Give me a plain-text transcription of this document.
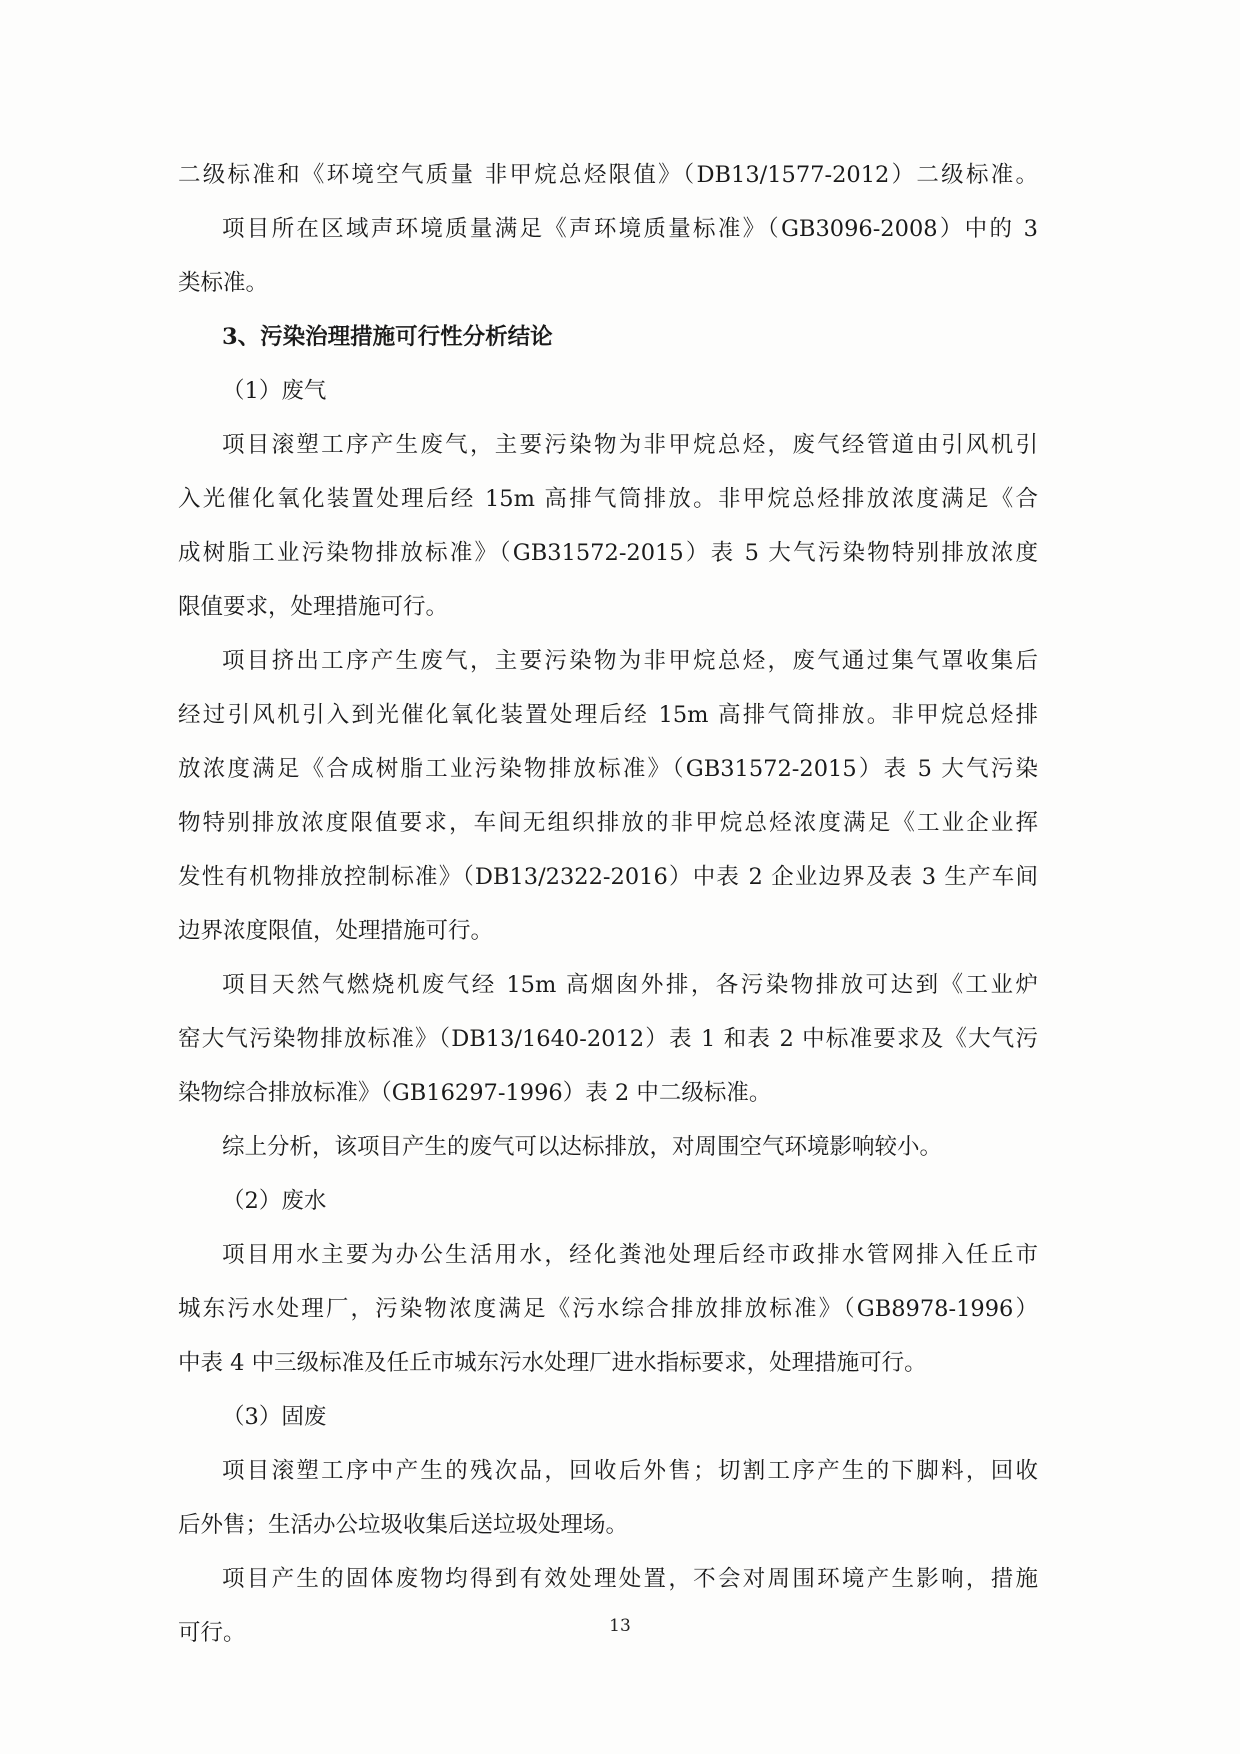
二级标准和《环境空气质量 非甲烷总烃限值》（DB13/1577-2012）二级标准。

项目所在区域声环境质量满足《声环境质量标准》（GB3096-2008）中的 3

类标准。

3、污染治理措施可行性分析结论

（1）废气

项目滚塑工序产生废气，主要污染物为非甲烷总烃，废气经管道由引风机引

入光催化氧化装置处理后经 15m 高排气筒排放。非甲烷总烃排放浓度满足《合

成树脂工业污染物排放标准》（GB31572-2015）表 5 大气污染物特别排放浓度

限值要求，处理措施可行。

项目挤出工序产生废气，主要污染物为非甲烷总烃，废气通过集气罩收集后

经过引风机引入到光催化氧化装置处理后经 15m 高排气筒排放。非甲烷总烃排

放浓度满足《合成树脂工业污染物排放标准》（GB31572-2015）表 5 大气污染

物特别排放浓度限值要求，车间无组织排放的非甲烷总烃浓度满足《工业企业挥

发性有机物排放控制标准》（DB13/2322-2016）中表 2 企业边界及表 3 生产车间

边界浓度限值，处理措施可行。

项目天然气燃烧机废气经 15m 高烟囱外排，各污染物排放可达到《工业炉

窑大气污染物排放标准》（DB13/1640-2012）表 1 和表 2 中标准要求及《大气污

染物综合排放标准》（GB16297-1996）表 2 中二级标准。

综上分析，该项目产生的废气可以达标排放，对周围空气环境影响较小。

（2）废水

项目用水主要为办公生活用水，经化粪池处理后经市政排水管网排入任丘市

城东污水处理厂，污染物浓度满足《污水综合排放排放标准》（GB8978-1996）

中表 4 中三级标准及任丘市城东污水处理厂进水指标要求，处理措施可行。

（3）固废

项目滚塑工序中产生的残次品，回收后外售；切割工序产生的下脚料，回收

后外售；生活办公垃圾收集后送垃圾处理场。

项目产生的固体废物均得到有效处理处置，不会对周围环境产生影响，措施

可行。	13
